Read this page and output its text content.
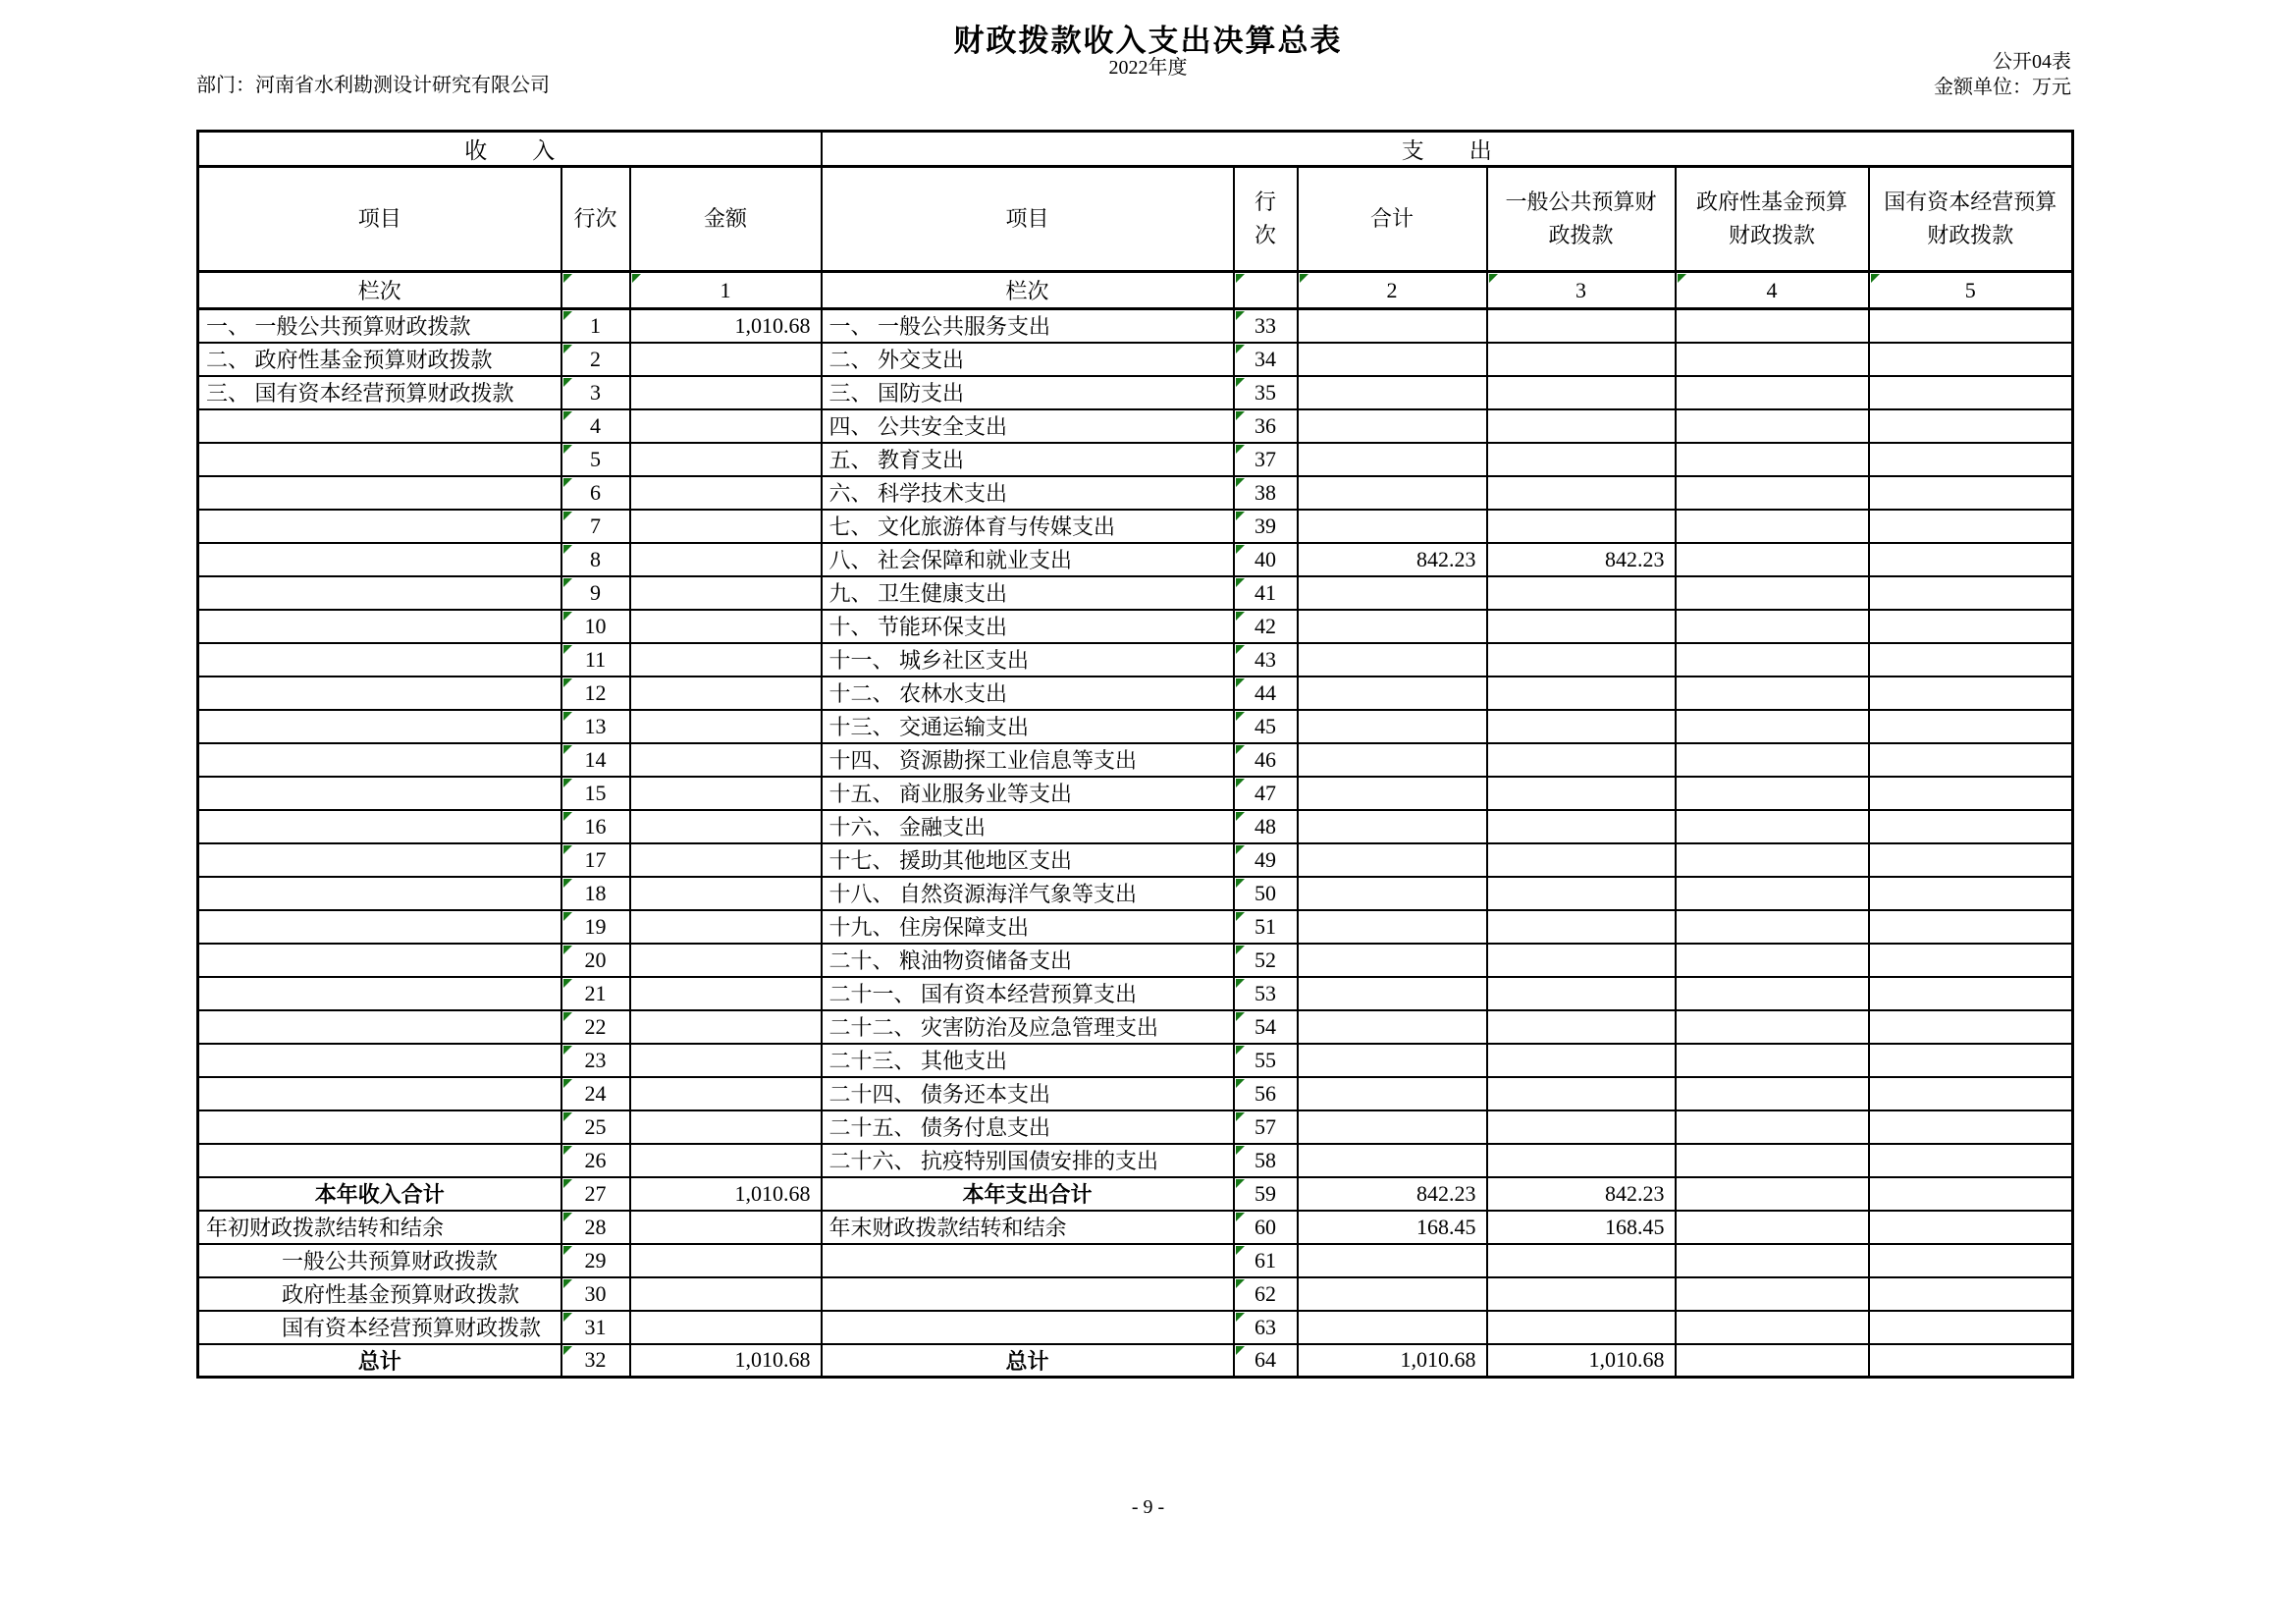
财政拨款收入支出决算总表
2022年度	公开04表
部门：河南省水利勘测设计研究有限公司	金额单位：万元
收　　入			支　　出					
项目	行次	金额	项目	行次	合计	一般公共预算财政拨款	政府性基金预算财政拨款	国有资本经营预算财政拨款
栏次		1	栏次		2	3	4	5
一、 一般公共预算财政拨款	1	1,010.68	一、 一般公共服务支出	33				
二、 政府性基金预算财政拨款	2		二、 外交支出	34				
三、 国有资本经营预算财政拨款	3		三、 国防支出	35				
	4		四、 公共安全支出	36				
	5		五、 教育支出	37				
	6		六、 科学技术支出	38				
	7		七、 文化旅游体育与传媒支出	39				
	8		八、 社会保障和就业支出	40	842.23	842.23		
	9		九、 卫生健康支出	41				
	10		十、 节能环保支出	42				
	11		十一、 城乡社区支出	43				
	12		十二、 农林水支出	44				
	13		十三、 交通运输支出	45				
	14		十四、 资源勘探工业信息等支出	46				
	15		十五、 商业服务业等支出	47				
	16		十六、 金融支出	48				
	17		十七、 援助其他地区支出	49				
	18		十八、 自然资源海洋气象等支出	50				
	19		十九、 住房保障支出	51				
	20		二十、 粮油物资储备支出	52				
	21		二十一、 国有资本经营预算支出	53				
	22		二十二、 灾害防治及应急管理支出	54				
	23		二十三、 其他支出	55				
	24		二十四、 债务还本支出	56				
	25		二十五、 债务付息支出	57				
	26		二十六、 抗疫特别国债安排的支出	58				
本年收入合计	27	1,010.68	本年支出合计	59	842.23	842.23		
年初财政拨款结转和结余	28		年末财政拨款结转和结余	60	168.45	168.45		
一般公共预算财政拨款	29			61				
政府性基金预算财政拨款	30			62				
国有资本经营预算财政拨款	31			63				
总计	32	1,010.68	总计	64	1,010.68	1,010.68		
- 9 -
